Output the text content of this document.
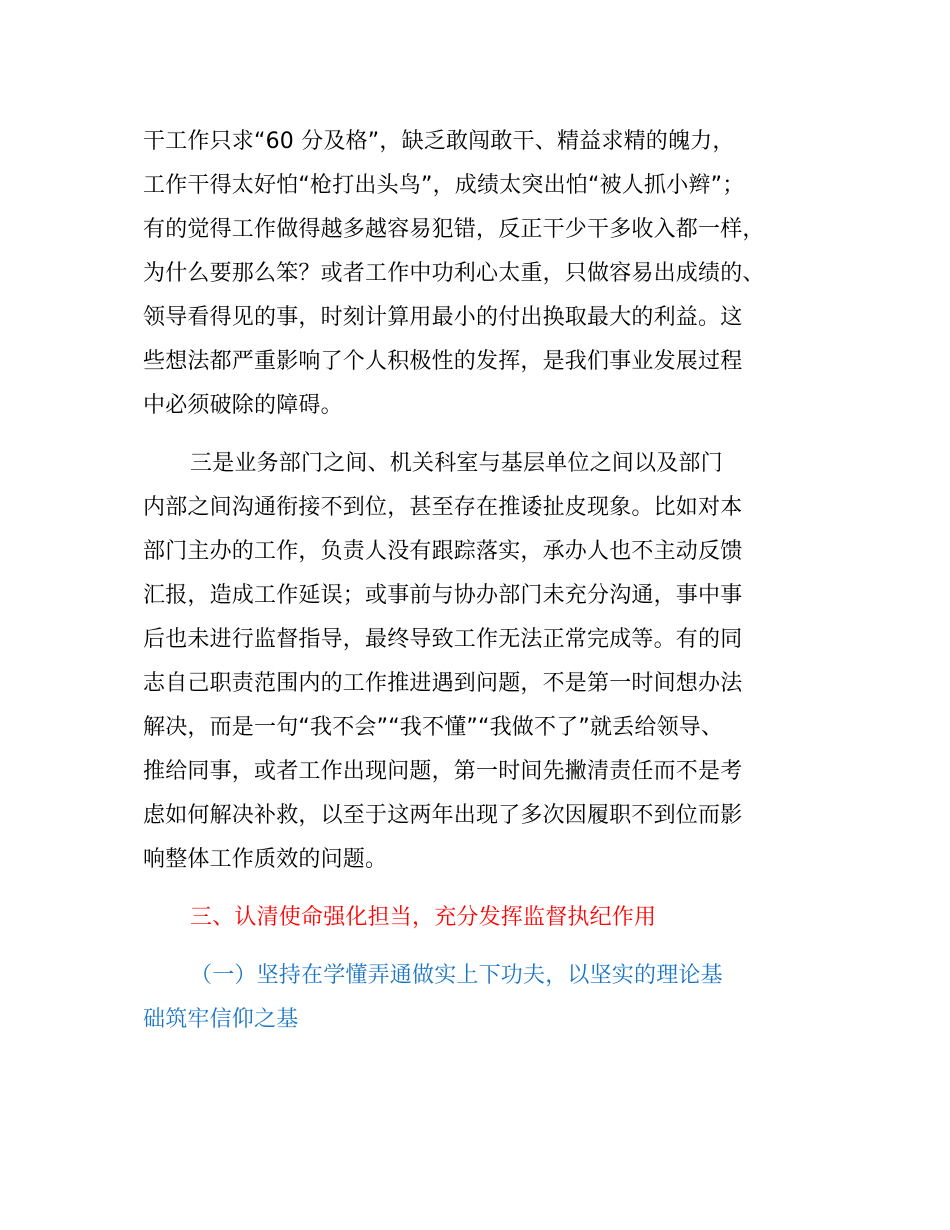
干工作只求“60 分及格”，缺乏敢闯敢干、精益求精的魄力，
工作干得太好怕“枪打出头鸟”，成绩太突出怕“被人抓小辫”；
有的觉得工作做得越多越容易犯错，反正干少干多收入都一样，
为什么要那么笨？或者工作中功利心太重，只做容易出成绩的、
领导看得见的事，时刻计算用最小的付出换取最大的利益。这
些想法都严重影响了个人积极性的发挥，是我们事业发展过程
中必须破除的障碍。
三是业务部门之间、机关科室与基层单位之间以及部门
内部之间沟通衔接不到位，甚至存在推诿扯皮现象。比如对本
部门主办的工作，负责人没有跟踪落实，承办人也不主动反馈
汇报，造成工作延误；或事前与协办部门未充分沟通，事中事
后也未进行监督指导，最终导致工作无法正常完成等。有的同
志自己职责范围内的工作推进遇到问题，不是第一时间想办法
解决，而是一句“我不会”“我不懂”“我做不了”就丢给领导、
推给同事，或者工作出现问题，第一时间先撇清责任而不是考
虑如何解决补救，以至于这两年出现了多次因履职不到位而影
响整体工作质效的问题。
三、认清使命强化担当，充分发挥监督执纪作用
（一）坚持在学懂弄通做实上下功夫，以坚实的理论基
础筑牢信仰之基
